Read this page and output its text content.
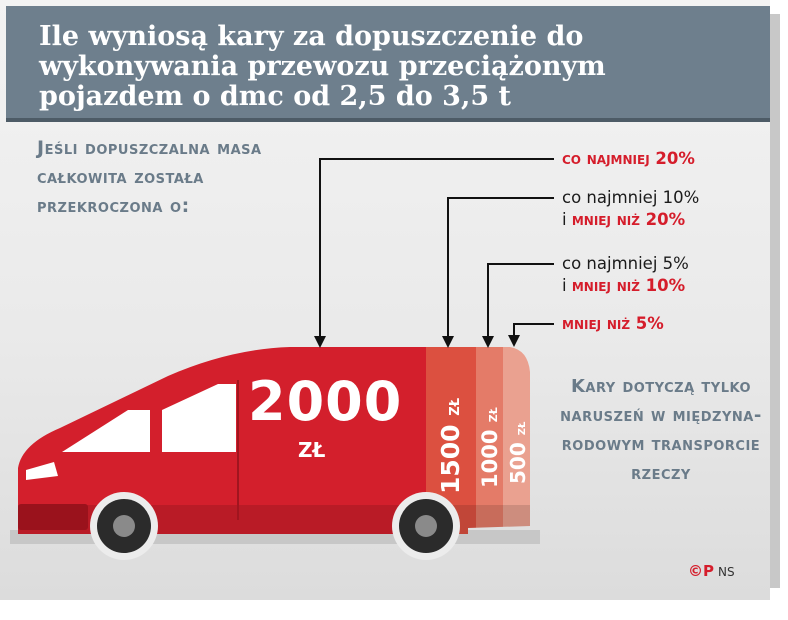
Ile wyniosą kary za dopuszczenie do wykonywania przewozu przeciążonym pojazdem o dmc od 2,5 do 3,5 t
Jeśli dopuszczalna masa całkowita została przekroczona o:
co najmniej 20%
co najmniej 10%
i mniej niż 20%
co najmniej 5%
i mniej niż 10%
mniej niż 5%
2000
zł	1500 zł
1000 zł
500 zł
Kary dotyczą tylko naruszeń w międzyna-rodowym transporcie rzeczy
©P NS
